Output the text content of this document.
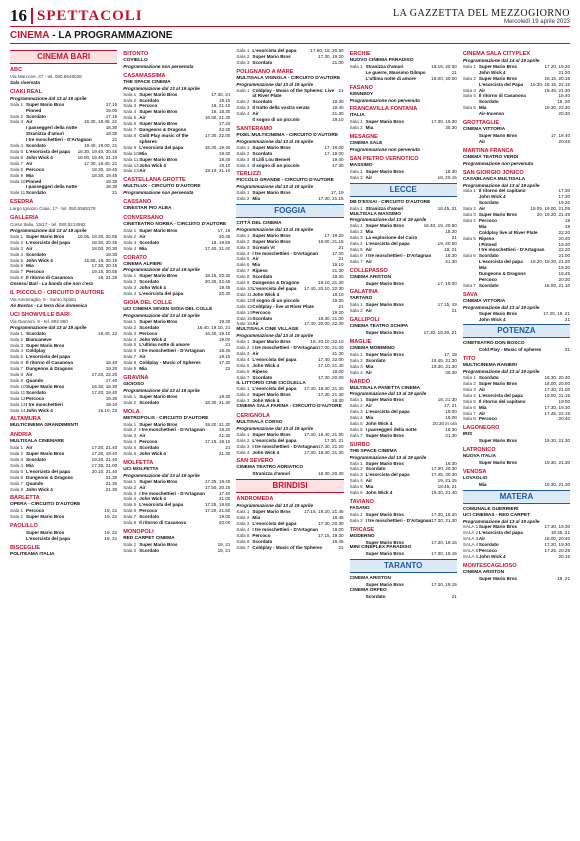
16 SPETTACOLI	LA GAZZETTA DEL MEZZOGIORNO
Mercoledì 19 aprile 2023
CINEMA - LA PROGRAMMAZIONE
CINEMA BARI
ABC
Via Marcone, 47 - tel. 080.5648028
Sala riservata
CIAKI REAL
Programmazione dal 13 al 19 aprile
Sala 1 Super Mario Bros	17.15
Pinned	19.00
Sala 2 Scordato	17.15
Sala 3 Air	16.30, 18.45, 21
I passeggeri della notte	18.30
Stranizza d'amuri	18.30
I tre moschettieri - D'Artagnan	21
Sala 4 Scordato	18.40, 19.00, 21
Sala 5 L'esorcista del papa	18.30, 19.40, 20.45
Sala 6 John Wick 4	18.00, 19.40, 21.10
Sala 7 Air	17.30, 19.40, 21
Sala 8 Percoco	18.30, 19.45
Sala 9 Mia	18.30, 19.45
Sala 10 Pinned	18.30
I passeggeri della notte	18.30
Sala 11 Scordato	21
ESEDRA
Largo Ignazio Ciaia, 17 - tel. 080.5565378
GALLERIA
Corso Italia, 15/17 - tel. 080.5214582
Programmazione dal 13 al 19 aprile
Sala 1 Super Mario Bros	16.05, 18.30, 20.55
Sala 2 L'esorcista del papa	18.30, 20.45
Sala 3 Air	18.00, 20.30
Sala 4 Scordato	18.30
Sala 5 John Wick 4	15.55, 18, 20.15
Sala 6 Mia	17.30, 20.15
Sala 7 Percoco	19.15, 20.55
Sala 8 Il ritorno di Casanova	18, 21.25
Ossessi Bari - La banda che non c'era
IL PICCOLO - CIRCUITO D'AUTORE
Via Ammiraglio, 5 - Santo Spirito
Ao Bostos - La terra dice domenica
UCI SHOWVILLE BARI
Via Giannini, 9 - tel. 892.960
Programmazione dal 13 al 19 aprile
Sala 1 Scordato	19.40, 22
Sala 2 Biancaneve
Sala 3 Super Mario Bros
Sala 4 Coldplay
Sala 5 L'esorcista del papa
Sala 6 Il ritorno di Casanova	18.40
Sala 7 Dungeons & Dragons	19.20
Sala 8 Air	17.20, 22.20
Sala 9 Quando	17.40
Sala 10 Super Mario Bros	16.30, 18.30
Sala 11 Scordato	17.20, 19.40
Sala 12 Percoco	19.30
Sala 13 I tre moschettieri	19.10
Sala 14 John Wick 4	16.10, 22
ALTAMURA
MULTICINEMA GRANDIMENTI
ANDRIA
MULTISALA CINEMARE
Sala 1 Air	17.30, 21.40
Sala 2 Super Mario Bros	17.30, 19.40
Sala 3 Scordato	19.30, 21.40
Sala 4 Mia	17.30, 21.00
Sala 5 L'esorcista del papa	20.10, 21.40
Sala 6 Dungeons & Dragons	21.30
Sala 7 Quando	21.30
Sala 8 John Wick 4	21.30
BARLETTA
OPERA - CIRCUITO D'AUTORE
Sala 1 Percoco	19, 21
Sala 2 Super Mario Bros	19, 21
PAOLILLO
Super Mario Bros	19, 21
L'esorcista del papa	19, 21
BISCEGLIE
POLITEAMA ITALIA
BITONTO
COVIELLO
Programmazione non pervenuta
CASAMASSIMA
THE SPACE CINEMA
Programmazione dal 13 al 19 aprile
Sala 1 Super Mario Bros	17.30, 21
Sala 2 Scordato	18.15
Sala 3 Percoco	19, 21.10
Sala 4 Super Mario Bros	16, 18.30
Sala 5 Air	16.30, 21.30
Sala 6 Super Mario Bros	17.20
Sala 7 Dungeons & Dragons	22.30
Sala 8 Cold Play music of the spheres
17.30, 22.00
Sala 9 L'esorcista del papa	16.30, 19.40
Sala 10 Mia	19.30
Sala 11 Super Mario Bros	18.45
Sala 12 John Wick 4	19.10
Sala 13 Air	19.10, 21.10
CASTELLANA GROTTE
MULTILUX - CIRCUITO D'AUTORE
Programmazione non pervenuta
CASSANO
CINESTAR PIO ALBA
CONVERSANO
CINETEATRO NORBA - CIRCUITO D'AUTORE
Sala 1 Super Mario Bros	17, 19
Sala 2 Air	20.45
Sala 3 Scordato	18, 19.50
Sala 4 Mia	17.40, 21.40
CORATO
CINEMA ALFIERI
Programmazione dal 13 al 19 aprile
Sala 1 Super Mario Bros	18.15, 20.30
Sala 2 Scordato	20.25, 22.45
Sala 3 John Wick 4	19.45
Sala 4 L'esorcista del papa	20.30
GIOIA DEL COLLE
UCI CINEMA SEVEN GIOIA DEL COLLE
Programmazione dal 13 al 19 aprile
Sala 1 Super Mario Bros	19.30
Sala 2 Scordato	16.40, 19.10, 21
Sala 3 Percoco	16.40, 19.10
Sala 4 John Wick 4	19.00
Sala 5 L'ultima notte di amore	21
Sala 6 I tre moschettieri - D'Artagnan	18.45
Sala 7 Air	19.15
Sala 8 Coldplay - Music of Spheres	17.30
Sala 9 Mia	22
GRAVINA
GIOIOSO
Programmazione dal 13 al 19 aprile
Sala 1 Super Mario Bros	19.30
Sala 2 Scordato	18.30, 21.30
MOLA
METROPOLIS - CIRCUITO D'AUTORE
Sala 1 Super Mario Bros	19.20, 21.30
Sala 2 I tre moschettieri - D'Artagnan	19.20
Sala 3 Air	21.30
Sala 4 Percoco	17.15, 19.15
Sala 5 Scordato	21
Sala 6 John Wick 4	21.30
MOLFETTA
UCI MOLFETTA
Programmazione dal 13 al 19 aprile
Sala 1 Super Mario Bros	17.25, 19.40
Sala 2 Air	17.50, 20.15
Sala 3 I tre moschettieri - D'Artagnan	17.40
Sala 4 John Wick 4	21.00
Sala 5 L'esorcista del papa	17.25, 19.50
Sala 6 Percoco	17.20, 21.50
Sala 7 Scordato	19.00
Sala 8 Il ritorno di Casanova	20.00
MONOPOLI
RED CARPET CINEMA
Sala 1 Super Mario Bros	19, 21
Sala 2 Scordato	19, 21
Sala 1 L'esorcista del papa	17.50, 19, 20.50
Sala 2 Super Mario Bros	17.30, 19.20
Sala 3 Scordato	21.00
POLIGNANO A MARE
MULTISALA VIGNOLA - CIRCUITO D'AUTORE
Programmazione dal 13 al 19 aprile
Sala 1 Coldplay - Music of the Spheres: Live at River Plate
21
Sala 2 Scordato	19.30
Sala 3 Il tratto della vostra serata	19.40
Sala 4 Air	21.30
Il sogno di un piccolo	19.10
SANTERAMO
PIXEL MULTICINEMA - CIRCUITO D'AUTORE
Programmazione dal 13 al 19 aprile
Sala 1 Super Mario Bros	17, 19.00
Sala 2 Scordato	17, 19.00
Sala 3 Il Lilli Lou Benvel	19.40
Sala 4 Il sogno di un piccolo	17.30
TERLIZZI
PICCOLO GRANDE - CIRCUITO D'AUTORE
Programmazione dal 13 al 19 aprile
Sala 1 Super Mario Bros	17, 19
Sala 2 Mia	17.30, 21.15
FOGGIA
CITTÀ DEL CINEMA
Programmazione dal 13 al 19 aprile
Sala 1 Super Mario Bros	17, 19.20
Sala 2 Super Mario Bros	18.00, 21.15
Sala 3 Scream VI	21
Sala 4 I tre moschettieri - D'Artagnan	17.20
Sala 5 Air	21
Sala 6 Mia	19.10
Sala 7 Ripeso	21.30
Sala 8 Scordato	18.30
Sala 9 Dungeons & Dragons	19.10, 21.30
Sala 10 L'esorcista del papa	17.40, 20.10, 22.30
Sala 11 John Wick 4	19.10
Sala 12 Il sogno di un piccolo	19.20
Sala 13 Coldplay - live at River Plate	21
Sala 14 Percoco	19.20
Sala 15 Scordato	18.30, 21.00
Sala 16 Air	17.30, 20.00, 22.30
MULTISALA CINE VILLAGE
Programmazione dal 13 al 19 aprile
Sala 1 Super Mario Bros	18, 20.10, 22.10
Sala 2 I tre moschettieri - D'Artagnan 17.00, 21.00
Sala 3 Air	21.30
Sala 4 L'esorcista del papa	17.40, 22.00
Sala 5 John Wick 4	17.10, 21.40
Sala 6 Ripeso	19.00
Sala 7 Scordato	17.30, 20.00
IL LITTORIO CINE CICOLELLA
Sala 1 L'esorcista del papa	17.30, 19.30, 21.30
Sala 2 Super Mario Bros	17.30, 21.30
Sala 3 John Wick 4	18.30
CINEMA SALA FARINA - CIRCUITO D'AUTORE
CERIGNOLA
MULTISALA CORSO
Programmazione dal 13 al 19 aprile
Sala 1 Super Mario Bros	17.30, 19.40, 21.50
Sala 2 L'esorcista del papa	17.30, 21
Sala 3 I tre moschettieri - D'Artagnan 17.30, 21.20
Sala 4 John Wick 4	17.30, 19.30, 21.30
SAN SEVERO
CINEMA TEATRO ADRIATICO
Stranizza d'amuri	18.30, 20.30
BRINDISI
ANDROMEDA
Programmazione dal 13 al 19 aprile
Sala 1 Super Mario Bros	17.15, 19.20, 21.45
Sala 2 Mia	18.45
Sala 3 L'esorcista del papa	17.30, 20.30
Sala 4 I tre moschettieri - D'Artagnan	19.00
Sala 5 Percoco	17.15, 19.30
Sala 6 Scordato	19.45
Sala 7 Coldplay - Music of the Spheres	21
ERCHIE
NUOVO CINEMA PARADISO
Sala 1 Stranizza d'amuri	18.15, 20.00
Le guerre, Massimo Dilmpo	21
L'ultima notte di amore	18.00, 20.00
FASANO
KENNEDY
Programmazione non pervenuta
FRANCAVILLA FONTANA
ITALIA
Sala 1 Super Mario Bros	17.30, 19.30
Sala 2 Mia	20.30
MESAGNE
CINEMA SALE
Programmazione non pervenuta
SAN PIETRO VERNOTICO
MASSIMO
Sala 1 Super Mario Bros	18.30
Sala 2 Air	18, 20.15
LECCE
DB D'ESSAI - CIRCUITO D'AUTORE
Sala 1 Stranizza d'amuri	18.45, 21
MULTISALA MASSIMO
Programmazione dal 13 al 19 aprile
Sala 1 Super Mario Bros	16.40, 19, 20.50
Sala 2 Mia	18.20
Sala 3 La esplosione del Cairo	21
Sala 4 L'esorcista del papa	19, 20.50
Sala 5 Air	18, 21
Sala 6 I tre moschettieri - D'Artagnan	18.30
Sala 7 Air	21.30
COLLEPASSO
CINEMA ARISTON
Super Mario Bros	17, 19.00
GALATINA
TARTARO
Sala 1 Super Mario Bros	17.15, 19
Sala 2 Air	21
GALLIPOLI
CINEMA TEATRO SCHIPA
Super Mario Bros	17.30, 19.30, 21
MAGLIE
CINEMA MOBIMINO
Sala 1 Super Mario Bros	17, 19
Sala 2 Scordato	18.45, 21.30
Sala 3 Mia	19.30, 21.30
Sala 4 Air	20.30
NARDÒ
MULTISALA PANETTA CINEMA
Programmazione dal 13 al 19 aprile
Sala 1 Super Mario Bros	18, 21.30
Sala 2 Air	17, 21
Sala 3 L'esorcista del papa	19.00
Sala 4 Mia	19.00
Sala 5 John Wick 4	20.30 in ora
Sala 6 I passeggeri della notte	18.30
Sala 7 Super Mario Bros	21.30
SURBO
THE SPACE CINEMA
Programmazione dal 13 al 19 aprile
Sala 1 Super Mario Bros	16.30
Sala 2 Scordato	17.30, 20.30
Sala 3 L'esorcista del papa	17.45, 20.30
Sala 4 Air	19, 21.15
Sala 5 Mia	18.45, 21
Sala 6 John Wick 4	19.40, 21.40
TAVIANO
FASANO
Sala 1 Super Mario Bros	17.30, 19.20
Sala 2 I tre moschettieri - D'Artagnan 17.30, 21.30
TRICASE
MODERNO
Super Mario Bros	17.30, 19.15
MINI CINEPLEX PARADISO
Super Mario Bros	17.30, 19.15
TARANTO
CINEMA ARISTON
Super Mario Bros	17.30, 19.15
CINEMA ORFEO
Scordato	21
CINEMA SALA CITYPLEX
Programmazione dal 14 al 19 aprile
Sala 1 Super Mario Bros	17.20, 19.20
John Wick 4	21.20
Sala 2 Super Mario Bros	18.15, 20.15
L'esorcista del Papa	16.30, 18.15, 22.15
Sala 3 Air	18.45, 21.30
Sala 4 Il ritorno di Casanova	18.40
Scordato	18, 20
Sala 5 Mia	19.30, 22.30
Air-Incenso	20.30
GROTTAGLIE
CINEMA VITTORIA
Super Mario Bros	17, 19.40
Air	20.45
MARTINA FRANCA
CINEMA TEATRO VERDI
Programmazione non pervenuta
SAN GIORGIO JONICO
CASABLANCA MULTISALA
Programmazione dal 13 al 19 aprile
Sala 1 Il ritorno del capitano	17.30
John Wick 4	17.30
Scordato	19.20
Sala 2 Air	18.05, 19.00, 21.05
Sala 3 Super Mario Bros	20, 19.20, 21.45
Sala 4 Percoco	18
Mia	19
Coldplay live at River Plate	22.20
Sala 5 Ripeso	20.40
I Pinned	19.30
I tre moschettieri - D'Artagnan	22.20
Sala 6 Scordato	21.00
L'esorcista del papa	18.20, 19.20, 21.20
Mia	19.30
Dungeons & Dragons	19.45
Percoco	20.30
Sala 7 Scordato	18.00, 21.10
SAVA
CINEMA VITTORIA
Programmazione dal 13 al 19 aprile
Super Mario Bros	17.20, 19, 21
John Wick 4	21
POTENZA
CINETEATRO DON BOSCO
Cold Play - Music of spheres	21
TITO
MULTICINEMA RANIERI
Programmazione dal 13 al 19 aprile
Sala 1 Scordato	18.30, 20.30
Sala 2 Super Mario Bros	18.00, 20.00
Sala 3 Air	17.30, 21.00
Sala 4 L'esorcista del papa	19.00, 21.15
Sala 5 Il ritorno del capitano	19.00
Sala 6 Mia	17.30, 19.30
Sala 7 Air	17.45, 22.15
Sala 8 Percoco	20.40
LAGONEGRO
IRIS
Super Mario Bros	19.30, 21.30
LATRONICO
NUOVA ITALIA
Super Mario Bros	19.30, 21.30
VENOSA
LOVAGLIO
Mia	19.30, 21.30
MATERA
COMUNALE GUERRIERI
UCI CINEMAS - RED CARPET
Programmazione dal 13 al 19 aprile
SALA 1 Super Mario Bros	17.30, 19.30
SALA 2 L'esorcista del papa	18.45, 21
SALA 3 Air	18.00, 20.40
SALA 4 Scordato	17.20, 19.30
SALA 5 Percoco	17.25, 20.25
SALA 6 John Wick 4	20.15
MONTESCAGLIOSO
CINEMA ARISTON
Super Mario Bros	19, 21
